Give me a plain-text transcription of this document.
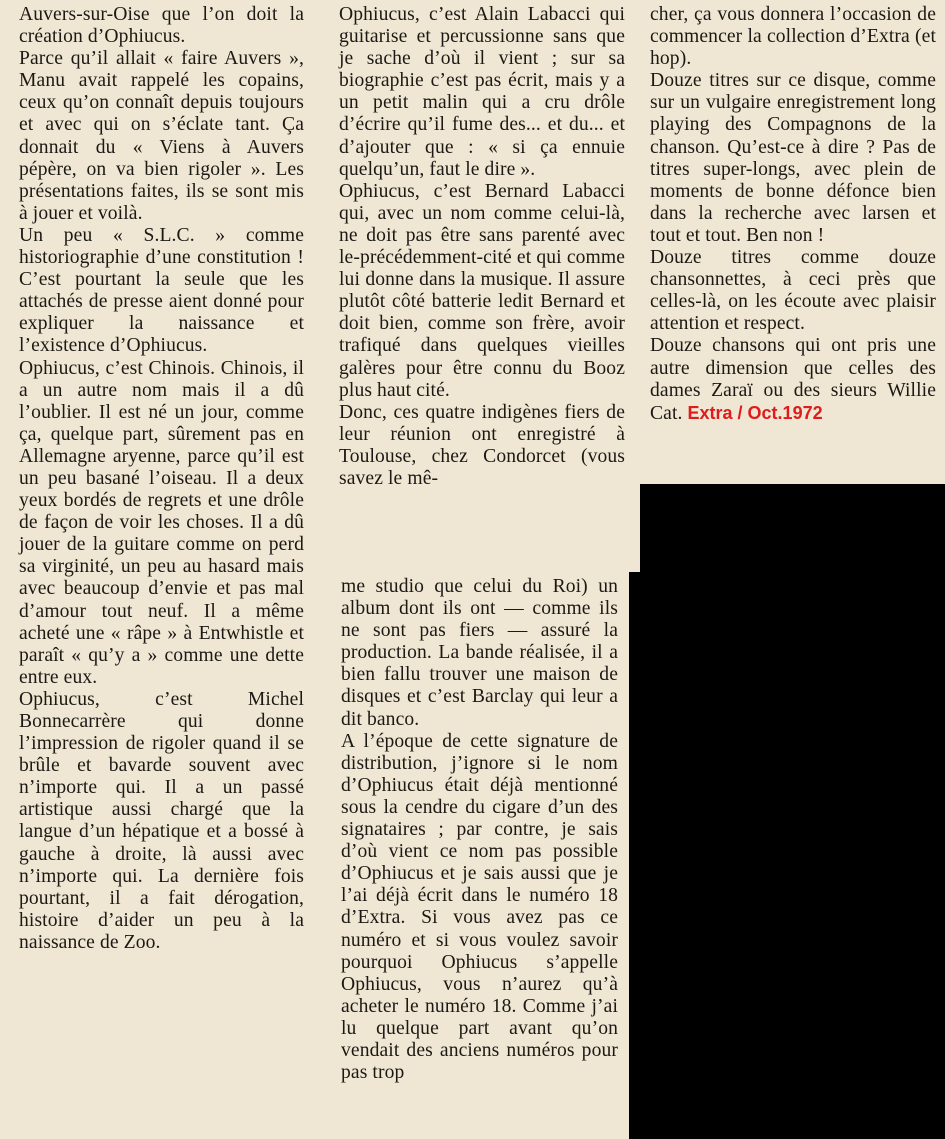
Auvers-sur-Oise que l’on doit la création d’Ophiucus.

Parce qu’il allait « faire Auvers », Manu avait rappelé les copains, ceux qu’on connaît depuis toujours et avec qui on s’éclate tant. Ça donnait du « Viens à Auvers pépère, on va bien rigoler ». Les présentations faites, ils se sont mis à jouer et voilà.

Un peu « S.L.C. » comme historiographie d’une constitution ! C’est pourtant la seule que les attachés de presse aient donné pour expliquer la naissance et l’existence d’Ophiucus.

Ophiucus, c’est Chinois. Chinois, il a un autre nom mais il a dû l’oublier. Il est né un jour, comme ça, quelque part, sûrement pas en Allemagne aryenne, parce qu’il est un peu basané l’oiseau. Il a deux yeux bordés de regrets et une drôle de façon de voir les choses. Il a dû jouer de la guitare comme on perd sa virginité, un peu au hasard mais avec beaucoup d’envie et pas mal d’amour tout neuf. Il a même acheté une « râpe » à Entwhistle et paraît « qu’y a » comme une dette entre eux.

Ophiucus, c’est Michel Bonnecarrère qui donne l’impression de rigoler quand il se brûle et bavarde souvent avec n’importe qui. Il a un passé artistique aussi chargé que la langue d’un hépatique et a bossé à gauche à droite, là aussi avec n’importe qui. La dernière fois pourtant, il a fait dérogation, histoire d’aider un peu à la naissance de Zoo.

Ophiucus, c’est Alain Labacci qui guitarise et percussionne sans que je sache d’où il vient ; sur sa biographie c’est pas écrit, mais y a un petit malin qui a cru drôle d’écrire qu’il fume des... et du... et d’ajouter que : « si ça ennuie quelqu’un, faut le dire ».

Ophiucus, c’est Bernard Labacci qui, avec un nom comme celui-là, ne doit pas être sans parenté avec le-précédemment-cité et qui comme lui donne dans la musique. Il assure plutôt côté batterie ledit Bernard et doit bien, comme son frère, avoir trafiqué dans quelques vieilles galères pour être connu du Booz plus haut cité.

Donc, ces quatre indigènes fiers de leur réunion ont enregistré à Toulouse, chez Condorcet (vous savez le mê-

me studio que celui du Roi) un album dont ils ont — comme ils ne sont pas fiers — assuré la production. La bande réalisée, il a bien fallu trouver une maison de disques et c’est Barclay qui leur a dit banco.

A l’époque de cette signature de distribution, j’ignore si le nom d’Ophiucus était déjà mentionné sous la cendre du cigare d’un des signataires ; par contre, je sais d’où vient ce nom pas possible d’Ophiucus et je sais aussi que je l’ai déjà écrit dans le numéro 18 d’Extra. Si vous avez pas ce numéro et si vous voulez savoir pourquoi Ophiucus s’appelle Ophiucus, vous n’aurez qu’à acheter le numéro 18. Comme j’ai lu quelque part avant qu’on vendait des anciens numéros pour pas trop

cher, ça vous donnera l’occasion de commencer la collection d’Extra (et hop).

Douze titres sur ce disque, comme sur un vulgaire enregistrement long playing des Compagnons de la chanson. Qu’est-ce à dire ? Pas de titres super-longs, avec plein de moments de bonne défonce bien dans la recherche avec larsen et tout et tout. Ben non !

Douze titres comme douze chansonnettes, à ceci près que celles-là, on les écoute avec plaisir attention et respect.

Douze chansons qui ont pris une autre dimension que celles des dames Zaraï ou des sieurs Willie Cat. Extra / Oct.1972
